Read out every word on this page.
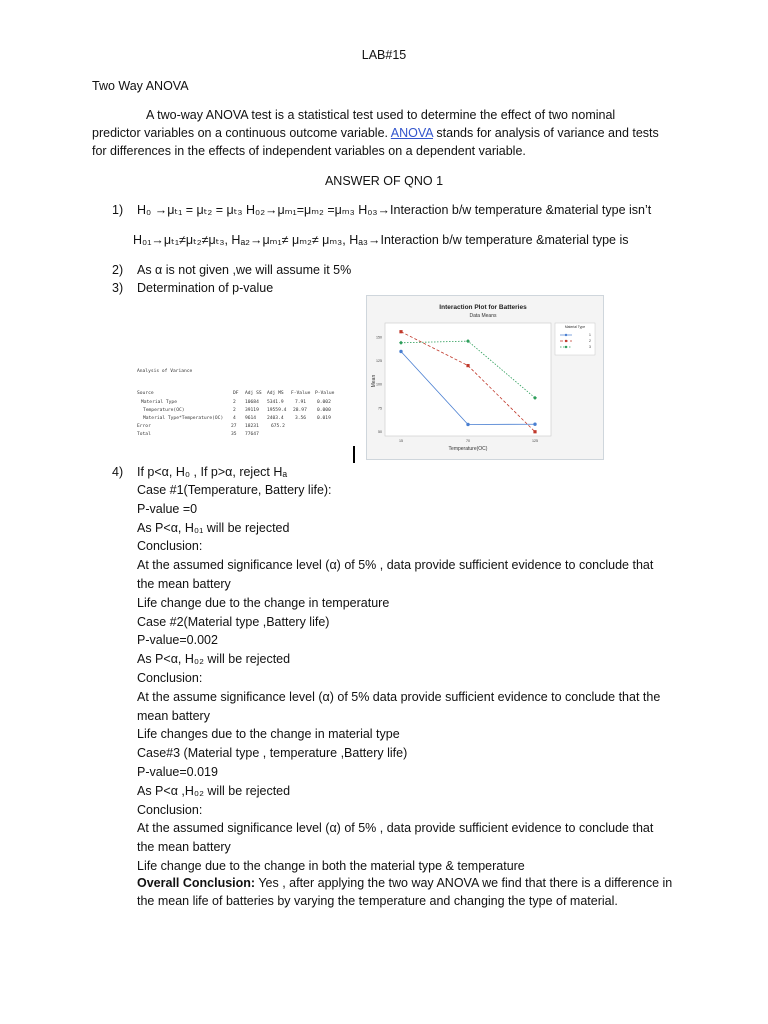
LAB#15
Two Way ANOVA
A two-way ANOVA test is a statistical test used to determine the effect of two nominal
predictor variables on a continuous outcome variable. ANOVA stands for analysis of variance and tests
for differences in the effects of independent variables on a dependent variable.
ANSWER OF QNO 1
1) H₀ →μₜ₁ = μₜ₂ = μₜ₃ H₀₂→μₘ₁=μₘ₂ =μₘ₃ H₀₃→Interaction b/w temperature &material type isn’t
H₀₁→μₜ₁≠μₜ₂≠μₜ₃, Hₐ₂→μₘ₁≠ μₘ₂≠ μₘ₃, Hₐ₃→Interaction b/w temperature &material type is
2) As α is not given ,we will assume it 5%
3) Determination of p-value
Analysis of Variance
Source	DF Adj SS Adj MS F-Value P-Value
Material Type	2 10684 5341.9 7.91 0.002
Temperature(OC)	2 39119 19559.4 28.97 0.000
Material Type*Temperature(OC) 4 9614 2403.4 3.56 0.019
Error	27 18231	675.2
Total	35 77647
Interaction Plot for Batteries
Data Means
Mean
Temperature(OC)
Material Type
50
75
100
125
150
15	70	125
1
2
3
4) If p<α, H₀ , If p>α, reject Hₐ
Case #1(Temperature, Battery life):
P-value =0
As P<α, H₀₁ will be rejected
Conclusion:
At the assumed significance level (α) of 5% , data provide sufficient evidence to conclude that
the mean battery
Life change due to the change in temperature
Case #2(Material type ,Battery life)
P-value=0.002
As P<α, H₀₂ will be rejected
Conclusion:
At the assume significance level (α) of 5% data provide sufficient evidence to conclude that the
mean battery
Life changes due to the change in material type
Case#3 (Material type , temperature ,Battery life)
P-value=0.019
As P<α ,H₀₂ will be rejected
Conclusion:
At the assumed significance level (α) of 5% , data provide sufficient evidence to conclude that
the mean battery
Life change due to the change in both the material type & temperature
Overall Conclusion: Yes , after applying the two way ANOVA we find that there is a difference in
the mean life of batteries by varying the temperature and changing the type of material.
